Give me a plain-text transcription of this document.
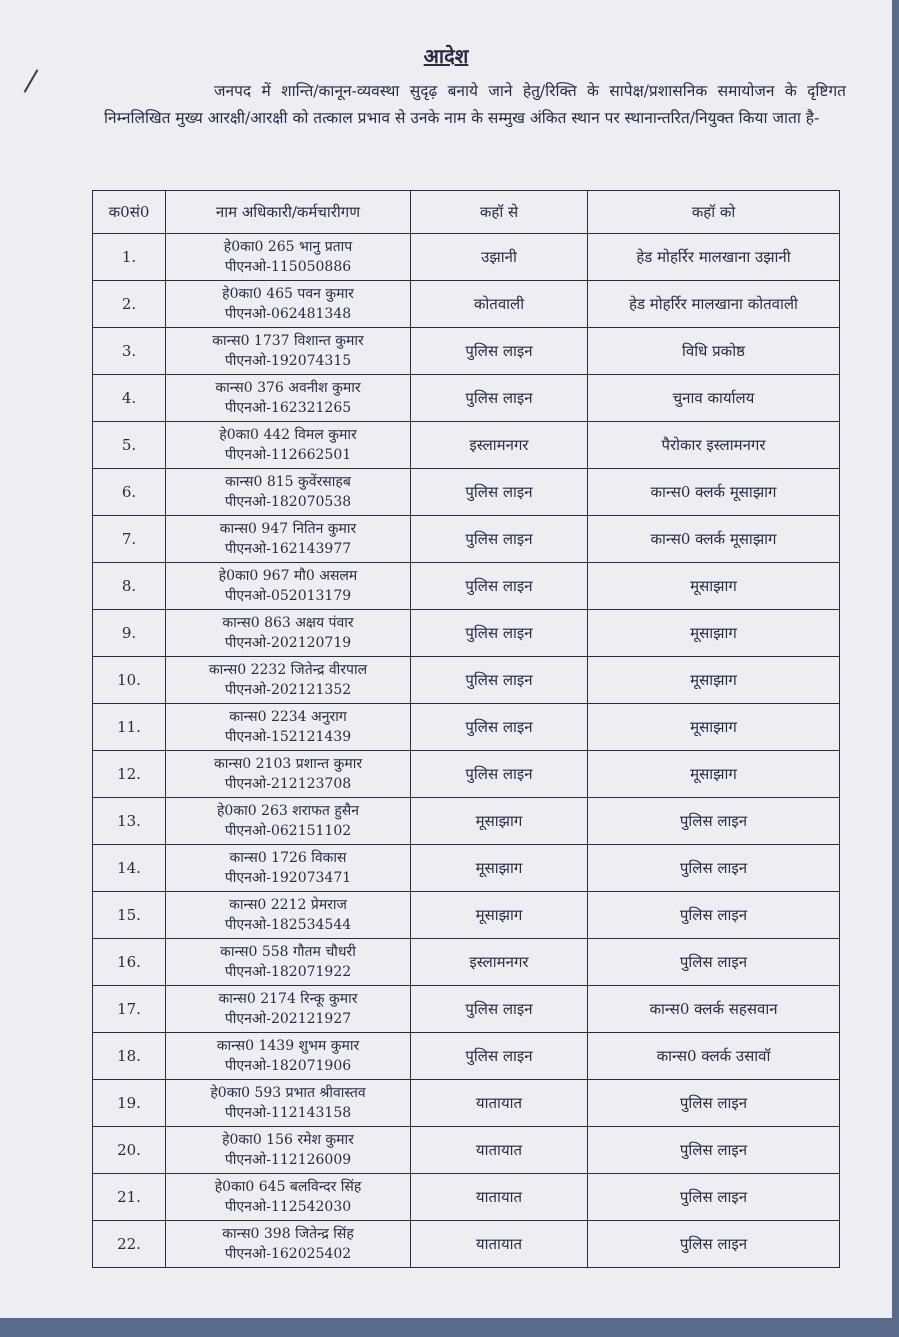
आदेश
जनपद में शान्ति/कानून-व्यवस्था सुदृढ़ बनाये जाने हेतु/रिक्ति के सापेक्ष/प्रशासनिक समायोजन के दृष्टिगत निम्नलिखित मुख्य आरक्षी/आरक्षी को तत्काल प्रभाव से उनके नाम के सम्मुख अंकित स्थान पर स्थानान्तरित/नियुक्त किया जाता है-
क0सं0	नाम अधिकारी/कर्मचारीगण	कहॉ से	कहॉ को
1.	हे0का0 265 भानु प्रताप
पीएनओ-115050886	उझानी	हेड मोहर्रिर मालखाना उझानी
2.	हे0का0 465 पवन कुमार
पीएनओ-062481348	कोतवाली	हेड मोहर्रिर मालखाना कोतवाली
3.	कान्स0 1737 विशान्त कुमार
पीएनओ-192074315	पुलिस लाइन	विधि प्रकोष्ठ
4.	कान्स0 376 अवनीश कुमार
पीएनओ-162321265	पुलिस लाइन	चुनाव कार्यालय
5.	हे0का0 442 विमल कुमार
पीएनओ-112662501	इस्लामनगर	पैरोकार इस्लामनगर
6.	कान्स0 815 कुवेंरसाहब
पीएनओ-182070538	पुलिस लाइन	कान्स0 क्लर्क मूसाझाग
7.	कान्स0 947 नितिन कुमार
पीएनओ-162143977	पुलिस लाइन	कान्स0 क्लर्क मूसाझाग
8.	हे0का0 967 मौ0 असलम
पीएनओ-052013179	पुलिस लाइन	मूसाझाग
9.	कान्स0 863 अक्षय पंवार
पीएनओ-202120719	पुलिस लाइन	मूसाझाग
10.	कान्स0 2232 जितेन्द्र वीरपाल
पीएनओ-202121352	पुलिस लाइन	मूसाझाग
11.	कान्स0 2234 अनुराग
पीएनओ-152121439	पुलिस लाइन	मूसाझाग
12.	कान्स0 2103 प्रशान्त कुमार
पीएनओ-212123708	पुलिस लाइन	मूसाझाग
13.	हे0का0 263 शराफत हुसैन
पीएनओ-062151102	मूसाझाग	पुलिस लाइन
14.	कान्स0 1726 विकास
पीएनओ-192073471	मूसाझाग	पुलिस लाइन
15.	कान्स0 2212 प्रेमराज
पीएनओ-182534544	मूसाझाग	पुलिस लाइन
16.	कान्स0 558 गौतम चौधरी
पीएनओ-182071922	इस्लामनगर	पुलिस लाइन
17.	कान्स0 2174 रिन्कू कुमार
पीएनओ-202121927	पुलिस लाइन	कान्स0 क्लर्क सहसवान
18.	कान्स0 1439 शुभम कुमार
पीएनओ-182071906	पुलिस लाइन	कान्स0 क्लर्क उसावॉ
19.	हे0का0 593 प्रभात श्रीवास्तव
पीएनओ-112143158	यातायात	पुलिस लाइन
20.	हे0का0 156 रमेश कुमार
पीएनओ-112126009	यातायात	पुलिस लाइन
21.	हे0का0 645 बलविन्दर सिंह
पीएनओ-112542030	यातायात	पुलिस लाइन
22.	कान्स0 398 जितेन्द्र सिंह
पीएनओ-162025402	यातायात	पुलिस लाइन
